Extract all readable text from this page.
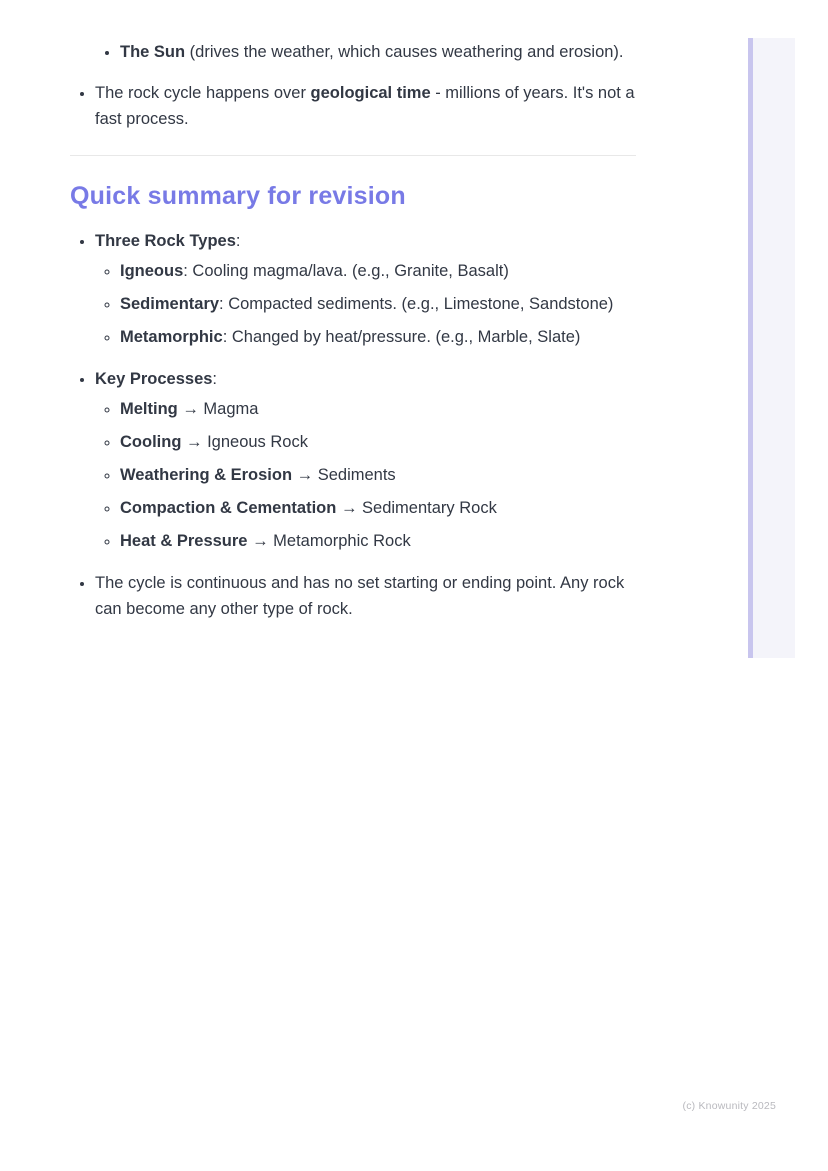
• The Sun (drives the weather, which causes weathering and erosion).
• The rock cycle happens over geological time - millions of years. It's not a fast process.
Quick summary for revision
• Three Rock Types:
◦ Igneous: Cooling magma/lava. (e.g., Granite, Basalt)
◦ Sedimentary: Compacted sediments. (e.g., Limestone, Sandstone)
◦ Metamorphic: Changed by heat/pressure. (e.g., Marble, Slate)
• Key Processes:
◦ Melting → Magma
◦ Cooling → Igneous Rock
◦ Weathering & Erosion → Sediments
◦ Compaction & Cementation → Sedimentary Rock
◦ Heat & Pressure → Metamorphic Rock
• The cycle is continuous and has no set starting or ending point. Any rock can become any other type of rock.
(c) Knowunity 2025
